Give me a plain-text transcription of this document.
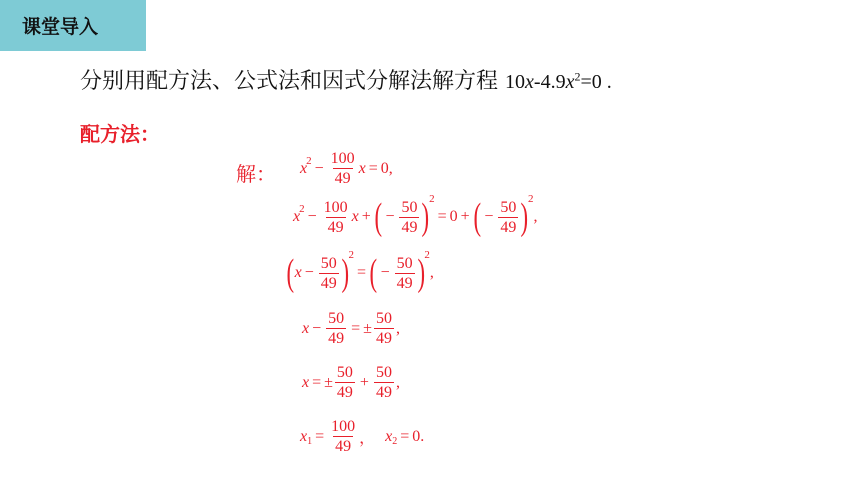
课堂导入
分别用配方法、公式法和因式分解法解方程 $10x-4.9x^2=0$ .
配方法：
解： x $2 - \frac{100}{49}$ x = 0 ,
x $2 - \frac{100}{49}$ x + ( − $\frac{50}{49}$ ) 2
= 0 + ( − $\frac{50}{49}$ ) 2
,
( $x - \frac{50}{49}$ ) 2
= ( − $\frac{50}{49}$ ) 2
,
$x - \frac{50}{49}$ = ± $\frac{50}{49}$ ,
x = ± $\frac{50}{49} + \frac{50}{49}$ ,
x $1 = \frac{100}{49}$ ， x 2 = 0 .
